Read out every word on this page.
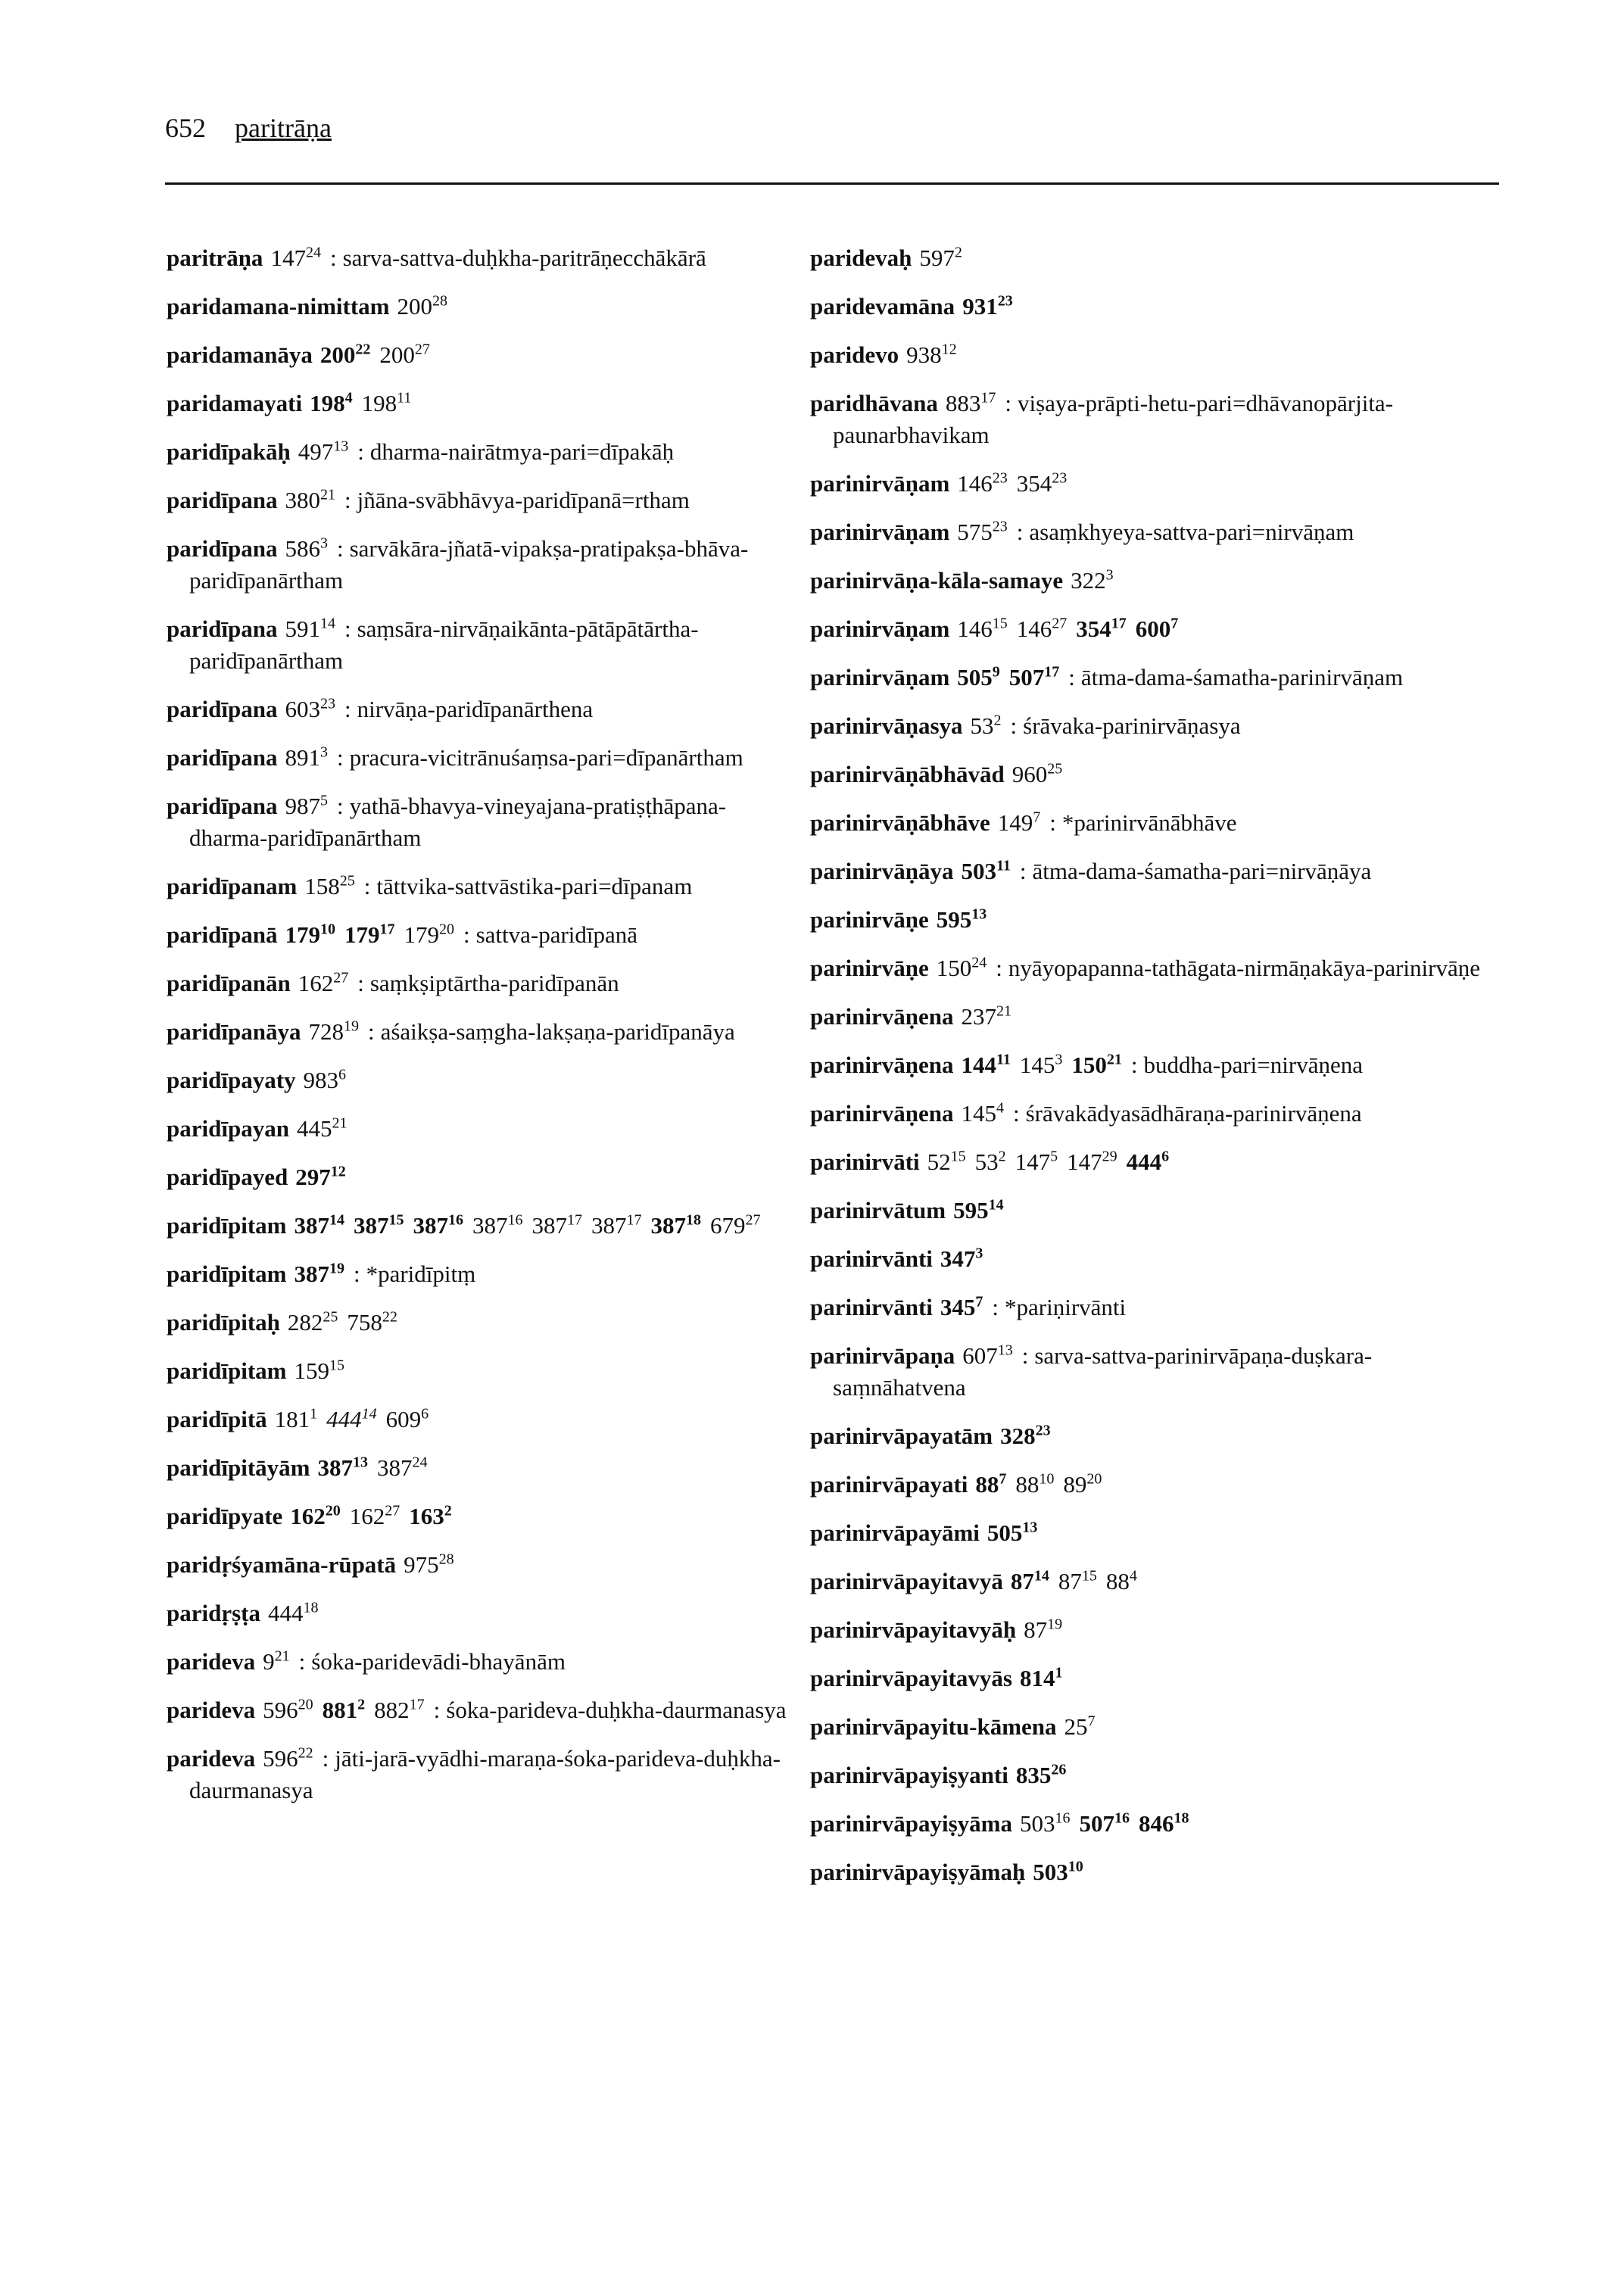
652 paritrāṇa
paritrāṇa $147^{24}$ : sarva-sattva-duḥkha-paritrāṇecchākārā
paridamana-nimittam $200^{28}$
paridamanāya $200^{22}$ $200^{27}$
paridamayati $198^4$ $198^{11}$
paridīpakāḥ $497^{13}$ : dharma-nairātmya-pari=dīpakāḥ
paridīpana $380^{21}$ : jñāna-svābhāvya-paridīpanā=rtham
paridīpana $586^3$ : sarvākāra-jñatā-vipakṣa-pratipakṣa-bhāva-paridīpanārtham
paridīpana $591^{14}$ : saṃsāra-nirvāṇaikānta-pātāpātārtha-paridīpanārtham
paridīpana $603^{23}$ : nirvāṇa-paridīpanārthena
paridīpana $891^3$ : pracura-vicitrānuśaṃsa-pari=dīpanārtham
paridīpana $987^5$ : yathā-bhavya-vineyajana-pratiṣṭhāpana-dharma-paridīpanārtham
paridīpanam $158^{25}$ : tāttvika-sattvāstika-pari=dīpanam
paridīpanā $179^{10}$ $179^{17}$ $179^{20}$ : sattva-paridīpanā
paridīpanān $162^{27}$ : saṃkṣiptārtha-paridīpanān
paridīpanāya $728^{19}$ : aśaikṣa-saṃgha-lakṣaṇa-paridīpanāya
paridīpayaty $983^6$
paridīpayan $445^{21}$
paridīpayed $297^{12}$
paridīpitam $387^{14}$ $387^{15}$ $387^{16}$ $387^{16}$ $387^{17}$ $387^{17}$ $387^{18}$ $679^{27}$
paridīpitam $387^{19}$ : *paridīpitṃ
paridīpitaḥ $282^{25}$ $758^{22}$
paridīpitam $159^{15}$
paridīpitā $181^1$ $444^{14}$ $609^6$
paridīpitāyām $387^{13}$ $387^{24}$
paridīpyate $162^{20}$ $162^{27}$ $163^2$
paridṛśyamāna-rūpatā $975^{28}$
paridṛṣṭa $444^{18}$
parideva $9^{21}$ : śoka-paridevādi-bhayānām
parideva $596^{20}$ $881^2$ $882^{17}$ : śoka-parideva-duḥkha-daurmanasya
parideva $596^{22}$ : jāti-jarā-vyādhi-maraṇa-śoka-parideva-duḥkha-daurmanasya
paridevaḥ $597^2$
paridevamāna $931^{23}$
paridevo $938^{12}$
paridhāvana $883^{17}$ : viṣaya-prāpti-hetu-pari=dhāvanopārjita-paunarbhavikam
parinirvāṇam $146^{23}$ $354^{23}$
parinirvāṇam $575^{23}$ : asaṃkhyeya-sattva-pari=nirvāṇam
parinirvāṇa-kāla-samaye $322^3$
parinirvāṇam $146^{15}$ $146^{27}$ $354^{17}$ $600^7$
parinirvāṇam $505^9$ $507^{17}$ : ātma-dama-śamatha-parinirvāṇam
parinirvāṇasya $53^2$ : śrāvaka-parinirvāṇasya
parinirvāṇābhāvād $960^{25}$
parinirvāṇābhāve $149^7$ : *parinirvānābhāve
parinirvāṇāya $503^{11}$ : ātma-dama-śamatha-pari=nirvāṇāya
parinirvāṇe $595^{13}$
parinirvāṇe $150^{24}$ : nyāyopapanna-tathāgata-nirmāṇakāya-parinirvāṇe
parinirvāṇena $237^{21}$
parinirvāṇena $144^{11}$ $145^3$ $150^{21}$ : buddha-pari=nirvāṇena
parinirvāṇena $145^4$ : śrāvakādyasādhāraṇa-parinirvāṇena
parinirvāti $52^{15}$ $53^2$ $147^5$ $147^{29}$ $444^6$
parinirvātum $595^{14}$
parinirvānti $347^3$
parinirvānti $345^7$ : *pariṇirvānti
parinirvāpaṇa $607^{13}$ : sarva-sattva-parinirvāpaṇa-duṣkara-saṃnāhatvena
parinirvāpayatām $328^{23}$
parinirvāpayati $88^7$ $88^{10}$ $89^{20}$
parinirvāpayāmi $505^{13}$
parinirvāpayitavyā $87^{14}$ $87^{15}$ $88^4$
parinirvāpayitavyāḥ $87^{19}$
parinirvāpayitavyās $814^1$
parinirvāpayitu-kāmena $25^7$
parinirvāpayiṣyanti $835^{26}$
parinirvāpayiṣyāma $503^{16}$ $507^{16}$ $846^{18}$
parinirvāpayiṣyāmaḥ $503^{10}$
